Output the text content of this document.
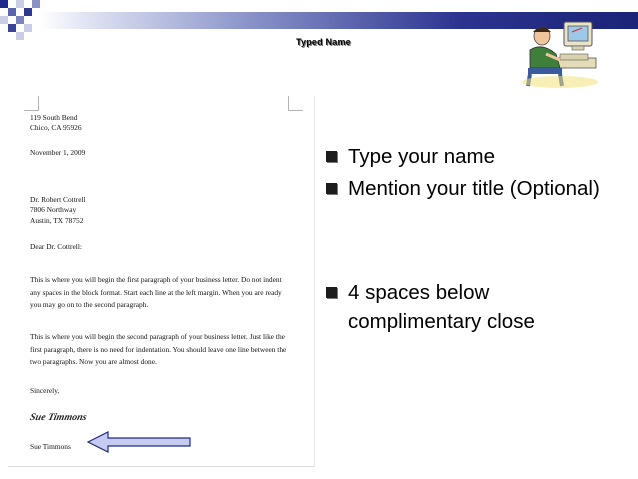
Typed Name
119 South Bend
Chico, CA 95926
November 1, 2009
Dr. Robert Cottrell
7806 Northway
Austin, TX 78752
Dear Dr. Cottrell:
This is where you will begin the first paragraph of your business letter. Do not indent any spaces in the block format. Start each line at the left margin. When you are ready you may go on to the second paragraph.
This is where you will begin the second paragraph of your business letter. Just like the first paragraph, there is no need for indentation. You should leave one line between the two paragraphs. Now you are almost done.
Sincerely,
Sue Timmons
Sue Timmons
Type your name
Mention your title (Optional)
4 spaces below complimentary close
